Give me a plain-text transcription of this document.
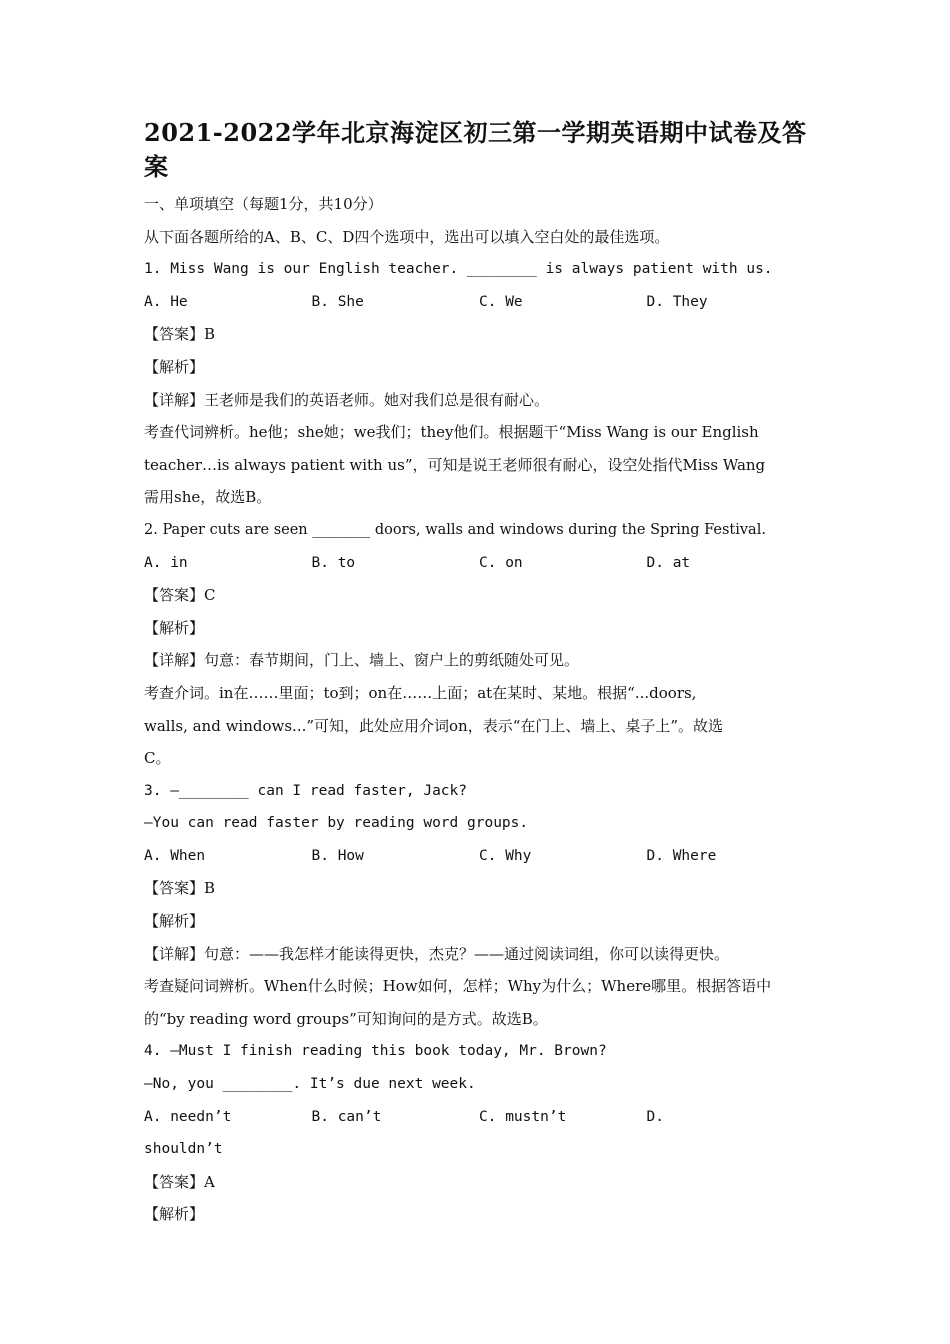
2021-2022学年北京海淀区初三第一学期英语期中试卷及答案

一、单项填空（每题1分，共10分）

从下面各题所给的A、B、C、D四个选项中，选出可以填入空白处的最佳选项。

1. Miss Wang is our English teacher. ________ is always patient with us.

A. He	B. She	C. We	D. They

【答案】B

【解析】

【详解】王老师是我们的英语老师。她对我们总是很有耐心。

考查代词辨析。he他；she她；we我们；they他们。根据题干“Miss Wang is our English

teacher…is always patient with us”，可知是说王老师很有耐心，设空处指代Miss Wang

需用she，故选B。

2. Paper cuts are seen ________ doors, walls and windows during the Spring Festival.

A. in	B. to	C. on	D. at

【答案】C

【解析】

【详解】句意：春节期间，门上、墙上、窗户上的剪纸随处可见。

考查介词。in在……里面；to到；on在……上面；at在某时、某地。根据“...doors,

walls, and windows...”可知，此处应用介词on，表示“在门上、墙上、桌子上”。故选

C。

3. —________ can I read faster, Jack?

—You can read faster by reading word groups.

A. When	B. How	C. Why	D. Where

【答案】B

【解析】

【详解】句意：——我怎样才能读得更快，杰克？——通过阅读词组，你可以读得更快。

考查疑问词辨析。When什么时候；How如何，怎样；Why为什么；Where哪里。根据答语中

的“by reading word groups”可知询问的是方式。故选B。

4. —Must I finish reading this book today, Mr. Brown?

—No, you ________. It’s due next week.

A. needn’t	B. can’t	C. mustn’t	D.

shouldn’t

【答案】A

【解析】
